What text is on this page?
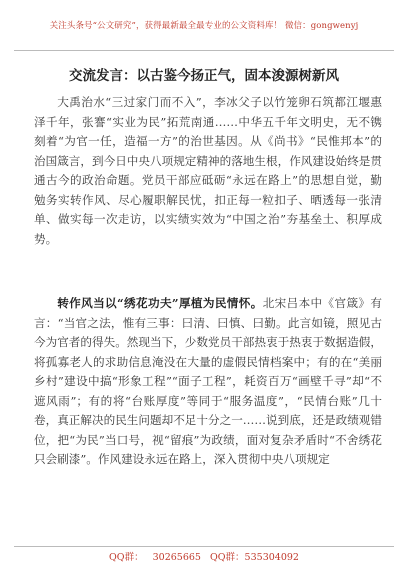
关注头条号“公文研究”，获得最新最全最专业的公文资料库！ 微信：gongwenyj
交流发言：以古鉴今扬正气，固本浚源树新风

大禹治水“三过家门而不入”，李冰父子以竹笼卵石筑都江堰惠泽千年，张謇“实业为民”拓荒南通……中华五千年文明史，无不镌刻着“为官一任，造福一方”的治世基因。从《尚书》“民惟邦本”的治国箴言，到今日中央八项规定精神的落地生根，作风建设始终是贯通古今的政治命题。党员干部应砥砺“永远在路上”的思想自觉，勤勉务实转作风、尽心履职解民忧，扣正每一粒扣子、晒透每一张清单、做实每一次走访，以实绩实效为“中国之治”夯基垒土、积厚成势。

转作风当以“绣花功夫”厚植为民情怀。北宋吕本中《官箴》有言：“当官之法，惟有三事：曰清、曰慎、曰勤。此言如镜，照见古今为官者的得失。然现当下，少数党员干部热衷于热衷于数据造假，将孤寡老人的求助信息淹没在大量的虚假民情档案中；有的在“美丽乡村”建设中搞“形象工程”“面子工程”，耗资百万“画壁千寻”却“不遮风雨”；有的将“台账厚度”等同于“服务温度”，“民情台账”几十卷，真正解决的民生问题却不足十分之一……说到底，还是政绩观错位，把“为民”当口号，视“留痕”为政绩，面对复杂矛盾时“不舍绣花只会刷漆”。作风建设永远在路上，深入贯彻中央八项规定

QQ群： 30265665 QQ群：535304092
